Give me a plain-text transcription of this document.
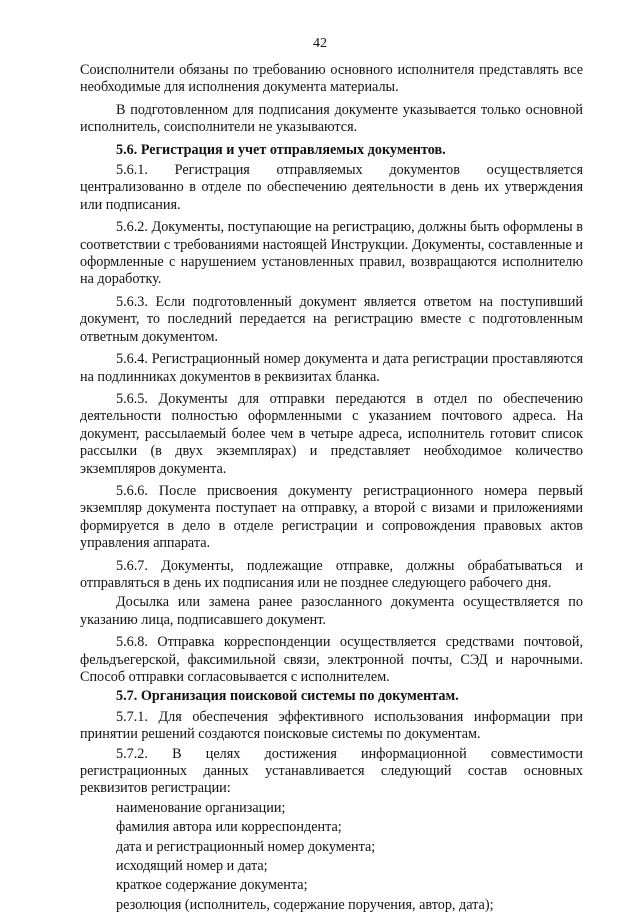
42

Соисполнители обязаны по требованию основного исполнителя представлять все необходимые для исполнения документа материалы.

В подготовленном для подписания документе указывается только основной исполнитель, соисполнители не указываются.

5.6. Регистрация и учет отправляемых документов.

5.6.1. Регистрация отправляемых документов осуществляется централизованно в отделе по обеспечению деятельности в день их утверждения или подписания.

5.6.2. Документы, поступающие на регистрацию, должны быть оформлены в соответствии с требованиями настоящей Инструкции. Документы, составленные и оформленные с нарушением установленных правил, возвращаются исполнителю на доработку.

5.6.3. Если подготовленный документ является ответом на поступивший документ, то последний передается на регистрацию вместе с подготовленным ответным документом.

5.6.4. Регистрационный номер документа и дата регистрации проставляются на подлинниках документов в реквизитах бланка.

5.6.5. Документы для отправки передаются в отдел по обеспечению деятельности полностью оформленными с указанием почтового адреса. На документ, рассылаемый более чем в четыре адреса, исполнитель готовит список рассылки (в двух экземплярах) и представляет необходимое количество экземпляров документа.

5.6.6. После присвоения документу регистрационного номера первый экземпляр документа поступает на отправку, а второй с визами и приложениями формируется в дело в отделе регистрации и сопровождения правовых актов управления аппарата.

5.6.7. Документы, подлежащие отправке, должны обрабатываться и отправляться в день их подписания или не позднее следующего рабочего дня.

Досылка или замена ранее разосланного документа осуществляется по указанию лица, подписавшего документ.

5.6.8. Отправка корреспонденции осуществляется средствами почтовой, фельдъегерской, факсимильной связи, электронной почты, СЭД и нарочными. Способ отправки согласовывается с исполнителем.

5.7. Организация поисковой системы по документам.

5.7.1. Для обеспечения эффективного использования информации при принятии решений создаются поисковые системы по документам.

5.7.2. В целях достижения информационной совместимости регистрационных данных устанавливается следующий состав основных реквизитов регистрации:

наименование организации;

фамилия автора или корреспондента;

дата и регистрационный номер документа;

исходящий номер и дата;

краткое содержание документа;

резолюция (исполнитель, содержание поручения, автор, дата);
